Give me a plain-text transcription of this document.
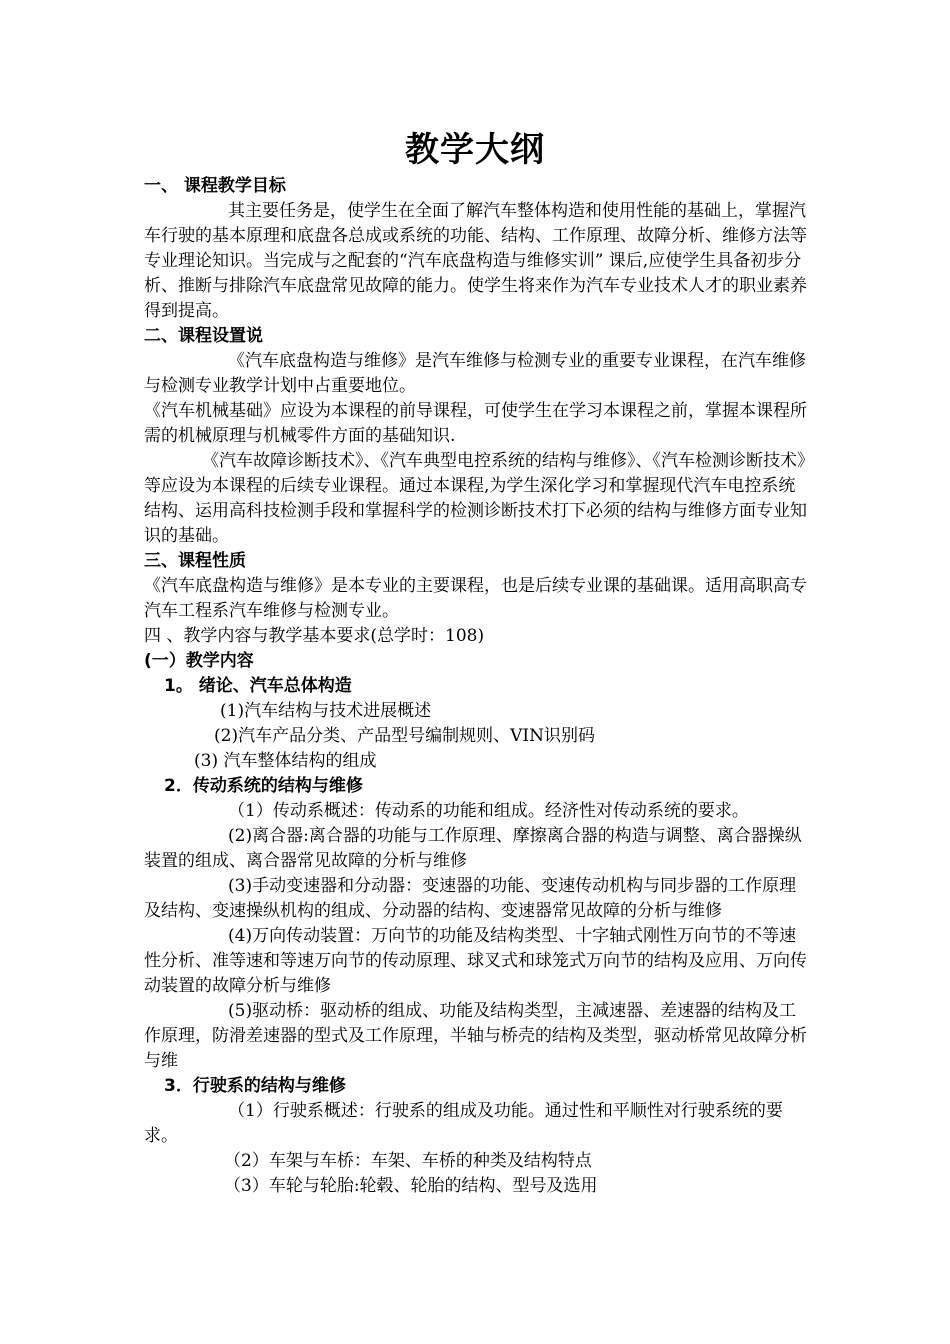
教学大纲

一、 课程教学目标

其主要任务是，使学生在全面了解汽车整体构造和使用性能的基础上，掌握汽车行驶的基本原理和底盘各总成或系统的功能、结构、工作原理、故障分析、维修方法等专业理论知识。当完成与之配套的“汽车底盘构造与维修实训” 课后,应使学生具备初步分析、推断与排除汽车底盘常见故障的能力。使学生将来作为汽车专业技术人才的职业素养得到提高。

二、课程设置说

《汽车底盘构造与维修》是汽车维修与检测专业的重要专业课程，在汽车维修与检测专业教学计划中占重要地位。

《汽车机械基础》应设为本课程的前导课程，可使学生在学习本课程之前，掌握本课程所需的机械原理与机械零件方面的基础知识.

《汽车故障诊断技术》、《汽车典型电控系统的结构与维修》、《汽车检测诊断技术》等应设为本课程的后续专业课程。通过本课程,为学生深化学习和掌握现代汽车电控系统结构、运用高科技检测手段和掌握科学的检测诊断技术打下必须的结构与维修方面专业知识的基础。

三、课程性质

《汽车底盘构造与维修》是本专业的主要课程，也是后续专业课的基础课。适用高职高专汽车工程系汽车维修与检测专业。

四 、教学内容与教学基本要求(总学时：108)

(一）教学内容

1。 绪论、汽车总体构造

(1)汽车结构与技术进展概述

(2)汽车产品分类、产品型号编制规则、VIN识别码

(3) 汽车整体结构的组成

2．传动系统的结构与维修

（1）传动系概述：传动系的功能和组成。经济性对传动系统的要求。

(2)离合器:离合器的功能与工作原理、摩擦离合器的构造与调整、离合器操纵装置的组成、离合器常见故障的分析与维修

(3)手动变速器和分动器：变速器的功能、变速传动机构与同步器的工作原理及结构、变速操纵机构的组成、分动器的结构、变速器常见故障的分析与维修

(4)万向传动装置：万向节的功能及结构类型、十字轴式刚性万向节的不等速性分析、准等速和等速万向节的传动原理、球叉式和球笼式万向节的结构及应用、万向传动装置的故障分析与维修

(5)驱动桥：驱动桥的组成、功能及结构类型，主减速器、差速器的结构及工作原理，防滑差速器的型式及工作原理，半轴与桥壳的结构及类型，驱动桥常见故障分析与维

3．行驶系的结构与维修

（1）行驶系概述：行驶系的组成及功能。通过性和平顺性对行驶系统的要求。

（2）车架与车桥：车架、车桥的种类及结构特点

（3）车轮与轮胎:轮毂、轮胎的结构、型号及选用
